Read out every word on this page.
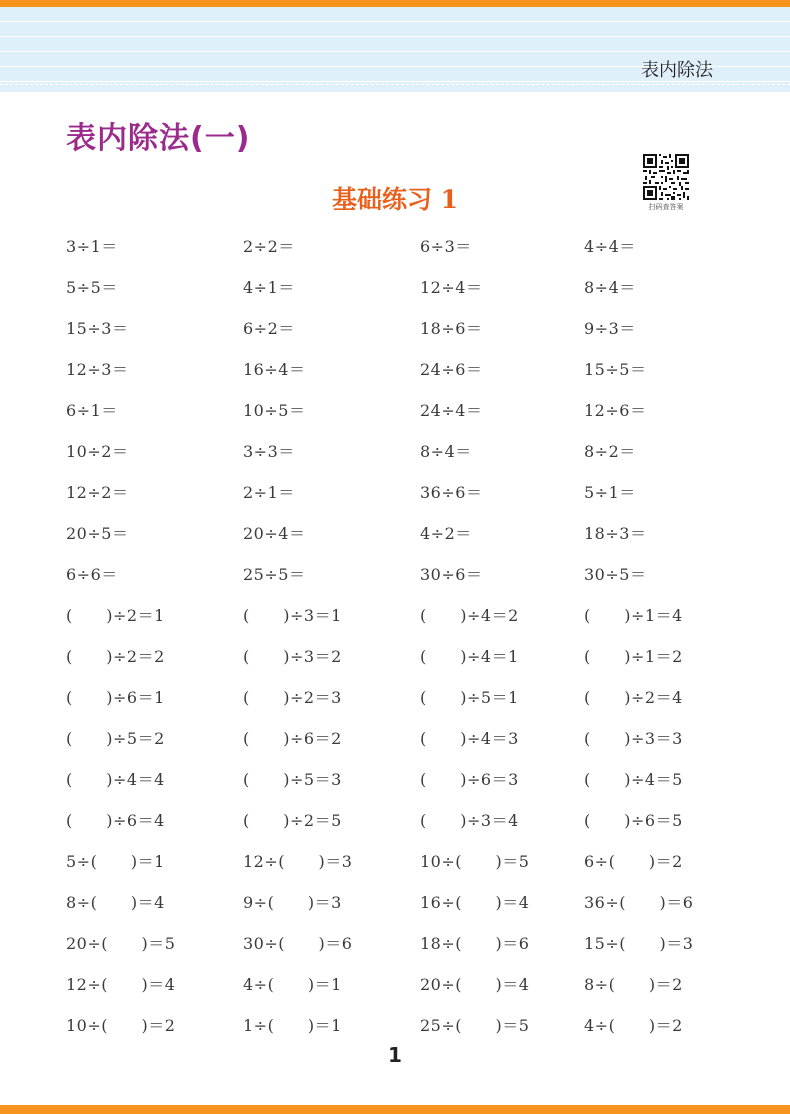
表内除法
表内除法(一)
基础练习 1	扫码查答案
3÷1＝	2÷2＝	6÷3＝	4÷4＝
5÷5＝	4÷1＝	12÷4＝	8÷4＝
15÷3＝	6÷2＝	18÷6＝	9÷3＝
12÷3＝	16÷4＝	24÷6＝	15÷5＝
6÷1＝	10÷5＝	24÷4＝	12÷6＝
10÷2＝	3÷3＝	8÷4＝	8÷2＝
12÷2＝	2÷1＝	36÷6＝	5÷1＝
20÷5＝	20÷4＝	4÷2＝	18÷3＝
6÷6＝	25÷5＝	30÷6＝	30÷5＝
(      )÷2＝1	(      )÷3＝1	(      )÷4＝2	(      )÷1＝4
(      )÷2＝2	(      )÷3＝2	(      )÷4＝1	(      )÷1＝2
(      )÷6＝1	(      )÷2＝3	(      )÷5＝1	(      )÷2＝4
(      )÷5＝2	(      )÷6＝2	(      )÷4＝3	(      )÷3＝3
(      )÷4＝4	(      )÷5＝3	(      )÷6＝3	(      )÷4＝5
(      )÷6＝4	(      )÷2＝5	(      )÷3＝4	(      )÷6＝5
5÷(      )＝1	12÷(      )＝3	10÷(      )＝5	6÷(      )＝2
8÷(      )＝4	9÷(      )＝3	16÷(      )＝4	36÷(      )＝6
20÷(      )＝5	30÷(      )＝6	18÷(      )＝6	15÷(      )＝3
12÷(      )＝4	4÷(      )＝1	20÷(      )＝4	8÷(      )＝2
10÷(      )＝2	1÷(      )＝1	25÷(      )＝5	4÷(      )＝2
1
